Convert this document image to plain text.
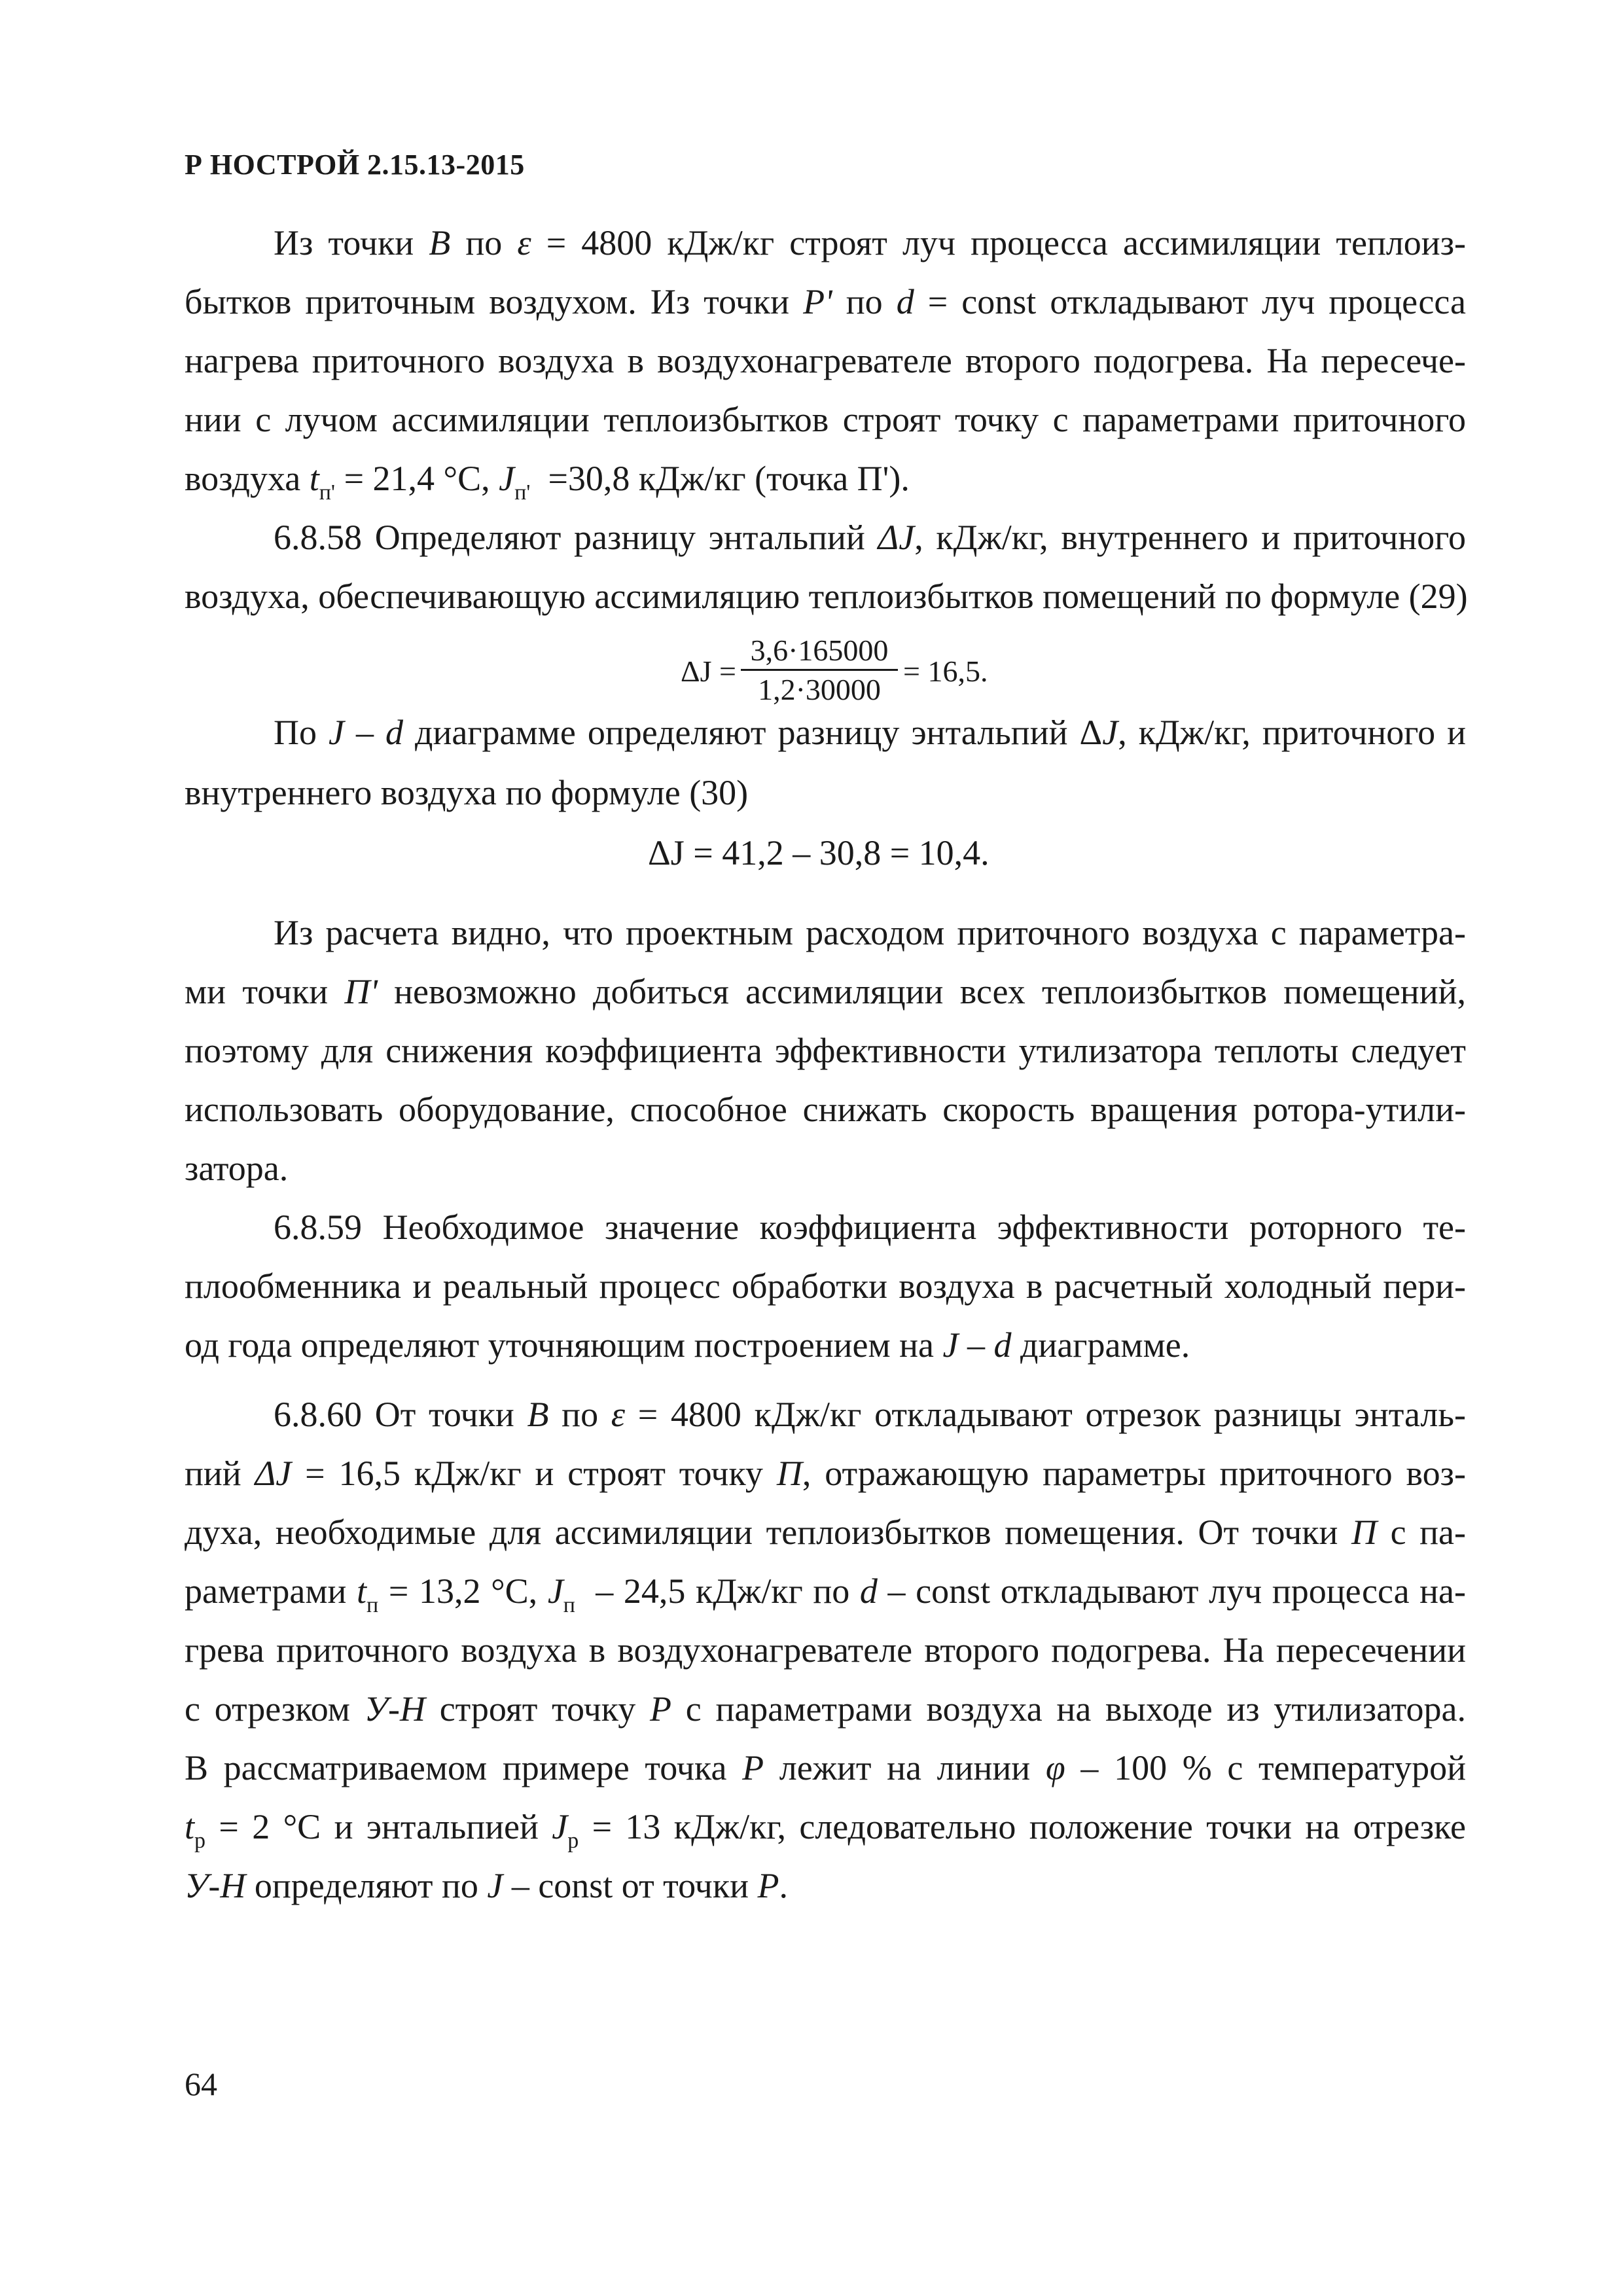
Р НОСТРОЙ 2.15.13-2015
Из точки В по ε = 4800 кДж/кг строят луч процесса ассимиляции теплоиз-
бытков приточным воздухом. Из точки Р' по d = const откладывают луч процесса
нагрева приточного воздуха в воздухонагревателе второго подогрева. На пересече-
нии с лучом ассимиляции теплоизбытков строят точку с параметрами приточного
воздуха $t_{п'} = 21,4$ °С, $J_{п'} =30,8$ кДж/кг (точка П').
6.8.58 Определяют разницу энтальпий ΔJ, кДж/кг, внутреннего и приточного
воздуха, обеспечивающую ассимиляцию теплоизбытков помещений по формуле (29)
ΔJ =
3,6·165000
1,2·30000
= 16,5.
По J – d диаграмме определяют разницу энтальпий ΔJ, кДж/кг, приточного и
внутреннего воздуха по формуле (30)
ΔJ = 41,2 – 30,8 = 10,4.
Из расчета видно, что проектным расходом приточного воздуха с параметра-
ми точки П' невозможно добиться ассимиляции всех теплоизбытков помещений,
поэтому для снижения коэффициента эффективности утилизатора теплоты следует
использовать оборудование, способное снижать скорость вращения ротора-утили-
затора.
6.8.59 Необходимое значение коэффициента эффективности роторного те-
плообменника и реальный процесс обработки воздуха в расчетный холодный пери-
од года определяют уточняющим построением на J – d диаграмме.
6.8.60 От точки В по ε = 4800 кДж/кг откладывают отрезок разницы энталь-
пий ΔJ = 16,5 кДж/кг и строят точку П, отражающую параметры приточного воз-
духа, необходимые для ассимиляции теплоизбытков помещения. От точки П с па-
раметрами $t_п = 13,2$ °С, $J_п - 24,5$ кДж/кг по d – const откладывают луч процесса на-
грева приточного воздуха в воздухонагревателе второго подогрева. На пересечении
с отрезком У-Н строят точку Р с параметрами воздуха на выходе из утилизатора.
В рассматриваемом примере точка Р лежит на линии φ – 100 % с температурой
$t_р = 2$ °С и энтальпией $J_р = 13$ кДж/кг, следовательно положение точки на отрезке
У-Н определяют по J – const от точки Р.
64
